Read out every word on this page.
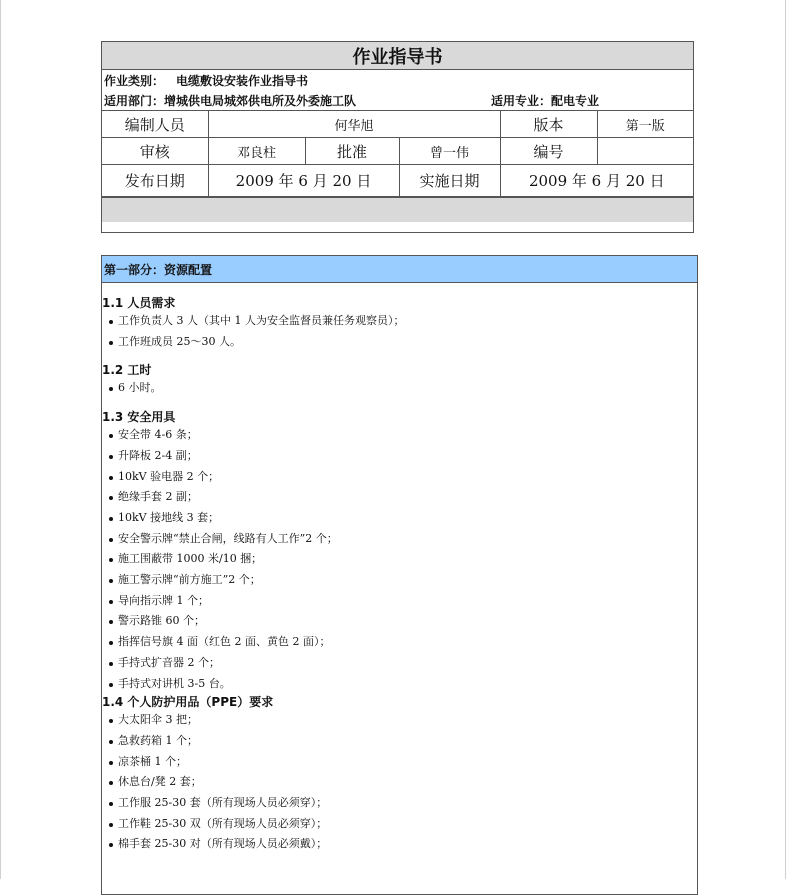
作业指导书
作业类别： 电缆敷设安装作业指导书
适用部门： 增城供电局城郊供电所及外委施工队	适用专业：配电专业
编制人员	何华旭			版本	第一版
审核	邓良柱	批准	曾一伟	编号	
发布日期	2009 年 6 月 20 日		实施日期	2009 年 6 月 20 日	
第一部分：资源配置
1.1 人员需求
工作负责人 3 人（其中 1 人为安全监督员兼任务观察员）；
工作班成员 25～30 人。
1.2 工时
6 小时。
1.3 安全用具
安全带 4-6 条；
升降板 2-4 副；
10kV 验电器 2 个；
绝缘手套 2 副；
10kV 接地线 3 套；
安全警示牌“禁止合闸，线路有人工作”2 个；
施工围蔽带 1000 米/10 捆；
施工警示牌“前方施工”2 个；
导向指示牌 1 个；
警示路锥 60 个；
指挥信号旗 4 面（红色 2 面、黄色 2 面）；
手持式扩音器 2 个；
手持式对讲机 3-5 台。
1.4 个人防护用品（PPE）要求
大太阳伞 3 把；
急救药箱 1 个；
凉茶桶 1 个；
休息台/凳 2 套；
工作服 25-30 套（所有现场人员必须穿）；
工作鞋 25-30 双（所有现场人员必须穿）；
棉手套 25-30 对（所有现场人员必须戴）；
